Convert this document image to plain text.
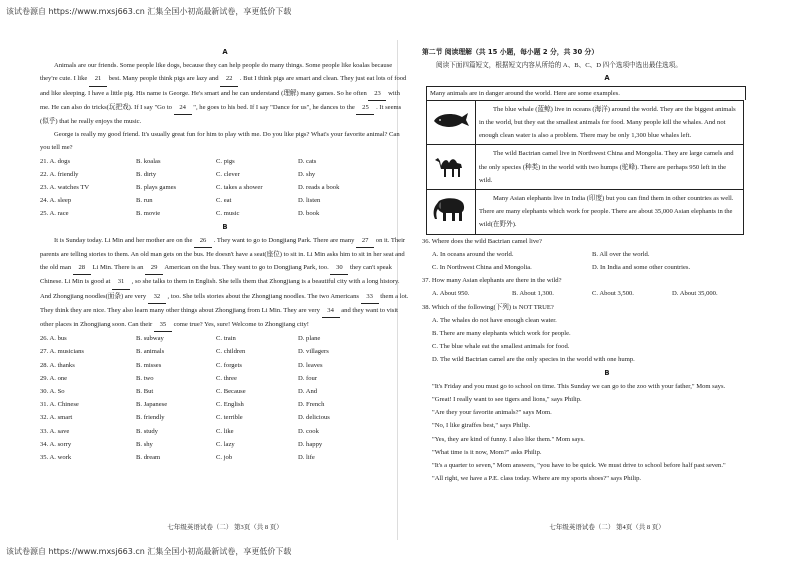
该试卷源自 https://www.mxsj663.cn 汇集全国小初高最新试卷，享更低价下载
A

Animals are our friends. Some people like dogs, because they can help people do many things. Some people like koalas because they're cute. I like 21 best. Many people think pigs are lazy and 22 . But I think pigs are smart and clean. They just eat lots of food and like sleeping. I have a little pig. His name is George. He's smart and he can understand (理解) many games. So he often 23 with me. He can also do tricks(玩把戏). If I say "Go to 24 ", he goes to his bed. If I say "Dance for us", he dances to the 25 . It seems (似乎) that he really enjoys the music.

George is really my good friend. It's usually great fun for him to play with me. Do you like pigs? What's your favorite animal? Can you tell me?

21. A. dogs	B. koalas	C. pigs	D. cats
22. A. friendly	B. dirty	C. clever	D. shy
23. A. watches TV	B. plays games	C. takes a shower	D. reads a book
24. A. sleep	B. run	C. eat	D. listen
25. A. race	B. movie	C. music	D. book
B

It is Sunday today. Li Min and her mother are on the 26 . They want to go to Dongjiang Park. There are many 27 on it. Their parents are telling stories to them. An old man gets on the bus. He doesn't have a seat(座位) to sit in. Li Min asks him to sit in her seat and the old man 28 Li Min. There is an 29 American on the bus. They want to go to Dongjiang Park, too. 30 they can't speak Chinese. Li Min is good at 31 , so she talks to them in English. She tells them that Zhongjiang is a beautiful city with a long history. And Zhongjiang noodles(面条) are very 32 , too. She tells stories about the Zhongjiang noodles. The two Americans 33 them a lot. They think they are nice. They also learn many other things about Zhongjiang from Li Min. They are very 34 and they want to visit other places in Zhongjiang soon. Can their 35 come true? Yes, sure! Welcome to Zhongjiang city!

26. A. bus	B. subway	C. train	D. plane
27. A. musicians	B. animals	C. children	D. villagers
28. A. thanks	B. misses	C. forgets	D. leaves
29. A. one	B. two	C. three	D. four
30. A. So	B. But	C. Because	D. And
31. A. Chinese	B. Japanese	C. English	D. French
32. A. smart	B. friendly	C. terrible	D. delicious
33. A. save	B. study	C. like	D. cook
34. A. sorry	B. shy	C. lazy	D. happy
35. A. work	B. dream	C. job	D. life
七年级英语试卷（二） 第3页（共 8 页）
第二节 阅读理解（共 15 小题，每小题 2 分，共 30 分）
阅读下面四篇短文，根据短文内容从所给的 A、B、C、D 四个选项中选出最佳选项。
A
Many animals are in danger around the world. Here are some examples.
	The blue whale (蓝鲸) live in oceans (海洋) around the world. They are the biggest animals in the world, but they eat the smallest animals for food. Many people kill the whales. And not enough clean water is also a problem. There may be only 1,300 blue whales left.
	The wild Bactrian camel live in Northwest China and Mongolia. They are large camels and the only species (种类) in the world with two humps (驼峰). There are perhaps 950 left in the wild.
	Many Asian elephants live in India (印度) but you can find them in other countries as well. There are many elephants which work for people. There are about 35,000 Asian elephants in the wild(在野外).

36. Where does the wild Bactrian camel live?

A. In oceans around the world.	B. All over the world.
C. In Northwest China and Mongolia.	D. In India and some other countries.

37. How many Asian elephants are there in the wild?

A. About 950.	B. About 1,300.	C. About 3,500.	D. About 35,000.

38. Which of the following(下列) is NOT TRUE?

A. The whales do not have enough clean water.
B. There are many elephants which work for people.
C. The blue whale eat the smallest animals for food.
D. The wild Bactrian camel are the only species in the world with one hump.
B

"It's Friday and you must go to school on time. This Sunday we can go to the zoo with your father," Mom says.

"Great! I really want to see tigers and lions," says Philip.

"Are they your favorite animals?" says Mom.

"No, I like giraffes best," says Philip.

"Yes, they are kind of funny. I also like them." Mom says.

"What time is it now, Mom?" asks Philip.

"It's a quarter to seven," Mom answers, "you have to be quick. We must drive to school before half past seven."

"All right, we have a P.E. class today. Where are my sports shoes?" says Philip.

七年级英语试卷（二） 第4页（共 8 页）
该试卷源自 https://www.mxsj663.cn 汇集全国小初高最新试卷，享更低价下载
